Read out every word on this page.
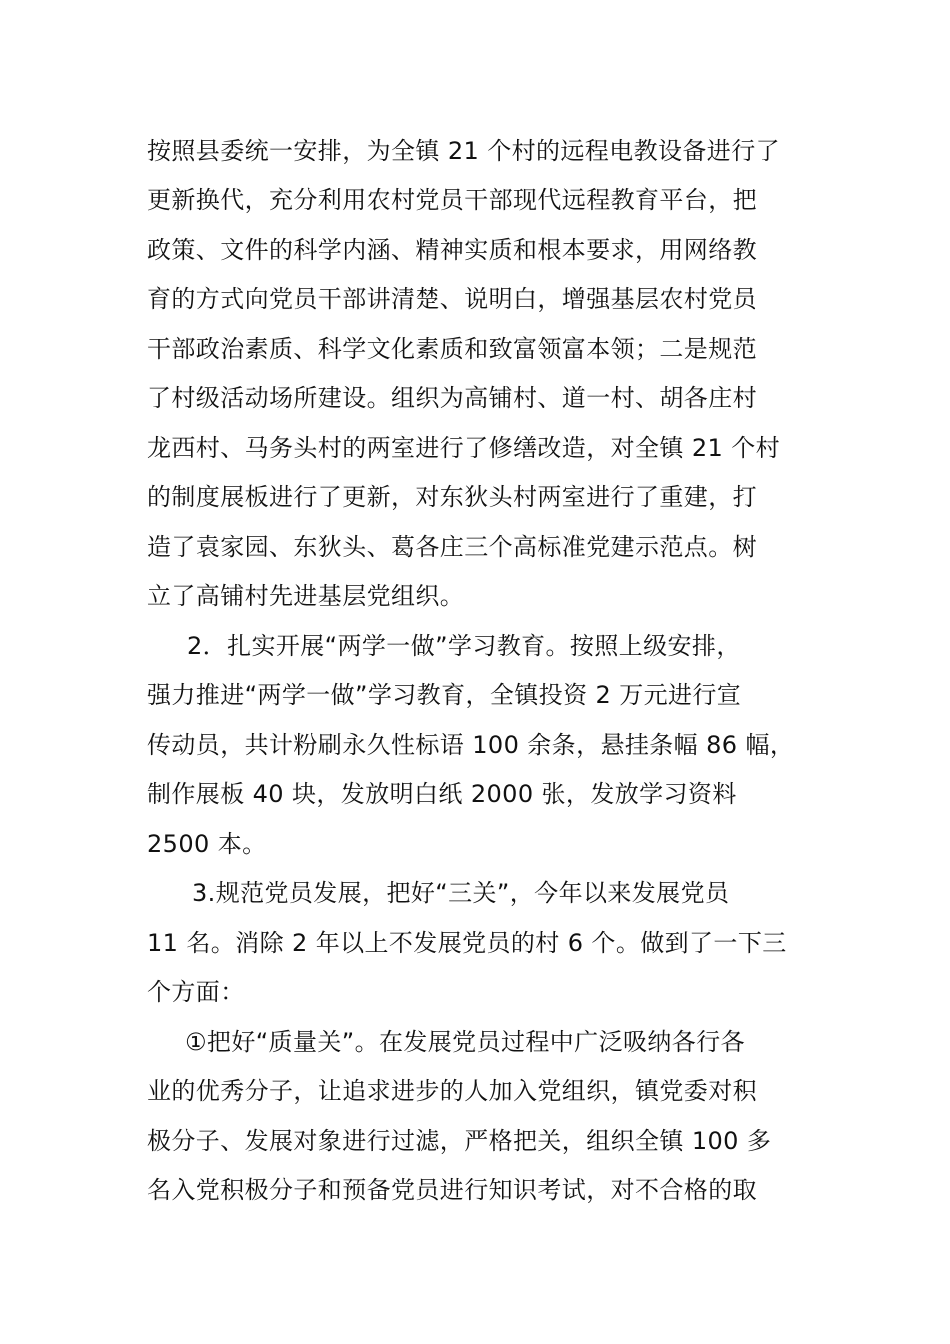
按照县委统一安排，为全镇 21 个村的远程电教设备进行了
更新换代，充分利用农村党员干部现代远程教育平台，把
政策、文件的科学内涵、精神实质和根本要求，用网络教
育的方式向党员干部讲清楚、说明白，增强基层农村党员
干部政治素质、科学文化素质和致富领富本领；二是规范
了村级活动场所建设。组织为高铺村、道一村、胡各庄村
龙西村、马务头村的两室进行了修缮改造，对全镇 21 个村
的制度展板进行了更新，对东狄头村两室进行了重建，打
造了袁家园、东狄头、葛各庄三个高标准党建示范点。树
立了高铺村先进基层党组织。
2．扎实开展“两学一做”学习教育。按照上级安排，
强力推进“两学一做”学习教育，全镇投资 2 万元进行宣
传动员，共计粉刷永久性标语 100 余条，悬挂条幅 86 幅，
制作展板 40 块，发放明白纸 2000 张，发放学习资料
2500 本。
3.规范党员发展，把好“三关”，今年以来发展党员
11 名。消除 2 年以上不发展党员的村 6 个。做到了一下三
个方面：
①把好“质量关”。在发展党员过程中广泛吸纳各行各
业的优秀分子，让追求进步的人加入党组织，镇党委对积
极分子、发展对象进行过滤，严格把关，组织全镇 100 多
名入党积极分子和预备党员进行知识考试，对不合格的取
